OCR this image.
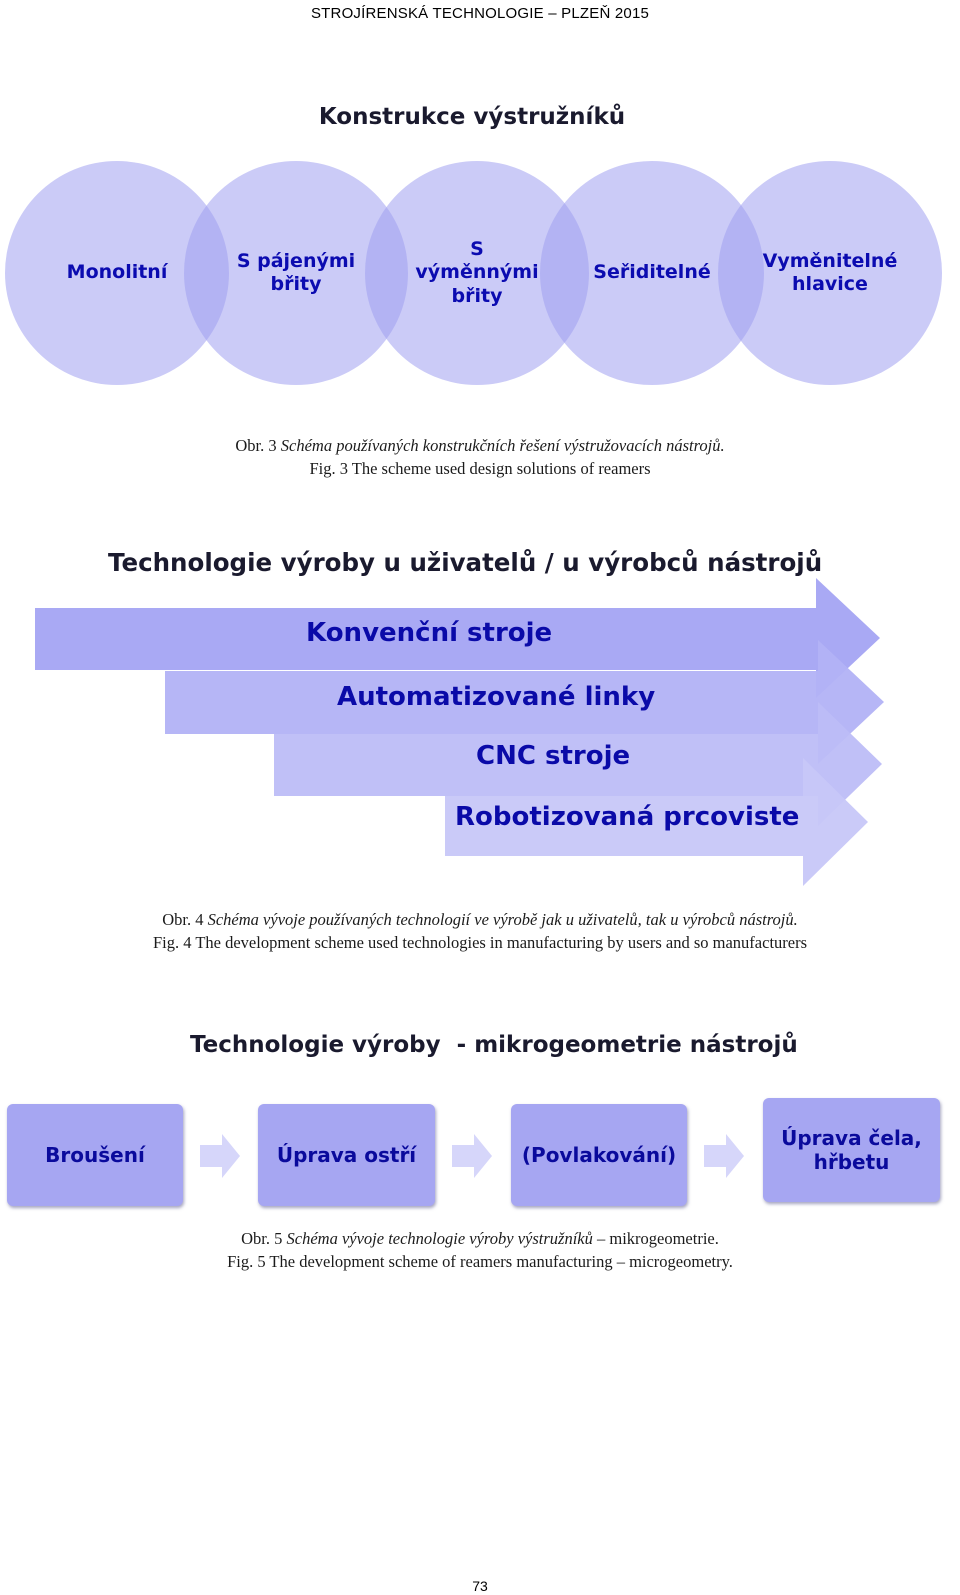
STROJÍRENSKÁ TECHNOLOGIE – PLZEŇ 2015
Konstrukce výstružníků
Monolitní
S pájenými
břity
S
výměnnými
břity
Seřiditelné
Vyměnitelné
hlavice
Obr. 3 Schéma používaných konstrukčních řešení výstružovacích nástrojů.
Fig. 3 The scheme used design solutions of reamers
Technologie výroby u uživatelů / u výrobců nástrojů
Konvenční stroje
Automatizované linky
CNC stroje
Robotizovaná prcoviste
Obr. 4 Schéma vývoje používaných technologií ve výrobě jak u uživatelů, tak u výrobců nástrojů.
Fig. 4 The development scheme used technologies in manufacturing by users and so manufacturers
Technologie výroby  - mikrogeometrie nástrojů
Broušení	Úprava ostří	(Povlakování)
Úprava čela,
hřbetu
Obr. 5 Schéma vývoje technologie výroby výstružníků – mikrogeometrie.
Fig. 5 The development scheme of reamers manufacturing – microgeometry.
73
